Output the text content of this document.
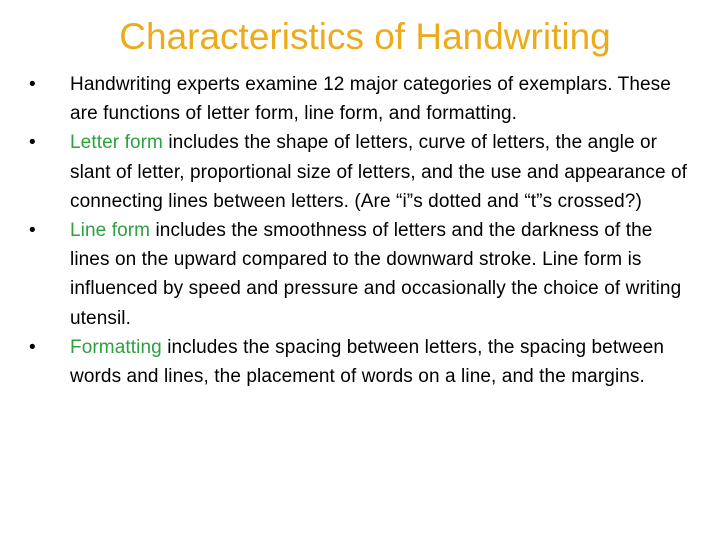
Characteristics of Handwriting
• Handwriting experts examine 12 major categories of exemplars. These are functions of letter form, line form, and formatting.
• Letter form includes the shape of letters, curve of letters, the angle or slant of letter, proportional size of letters, and the use and appearance of connecting lines between letters. (Are “i”s dotted and “t”s crossed?)
• Line form includes the smoothness of letters and the darkness of the lines on the upward compared to the downward stroke. Line form is influenced by speed and pressure and occasionally the choice of writing utensil.
• Formatting includes the spacing between letters, the spacing between words and lines, the placement of words on a line, and the margins.
